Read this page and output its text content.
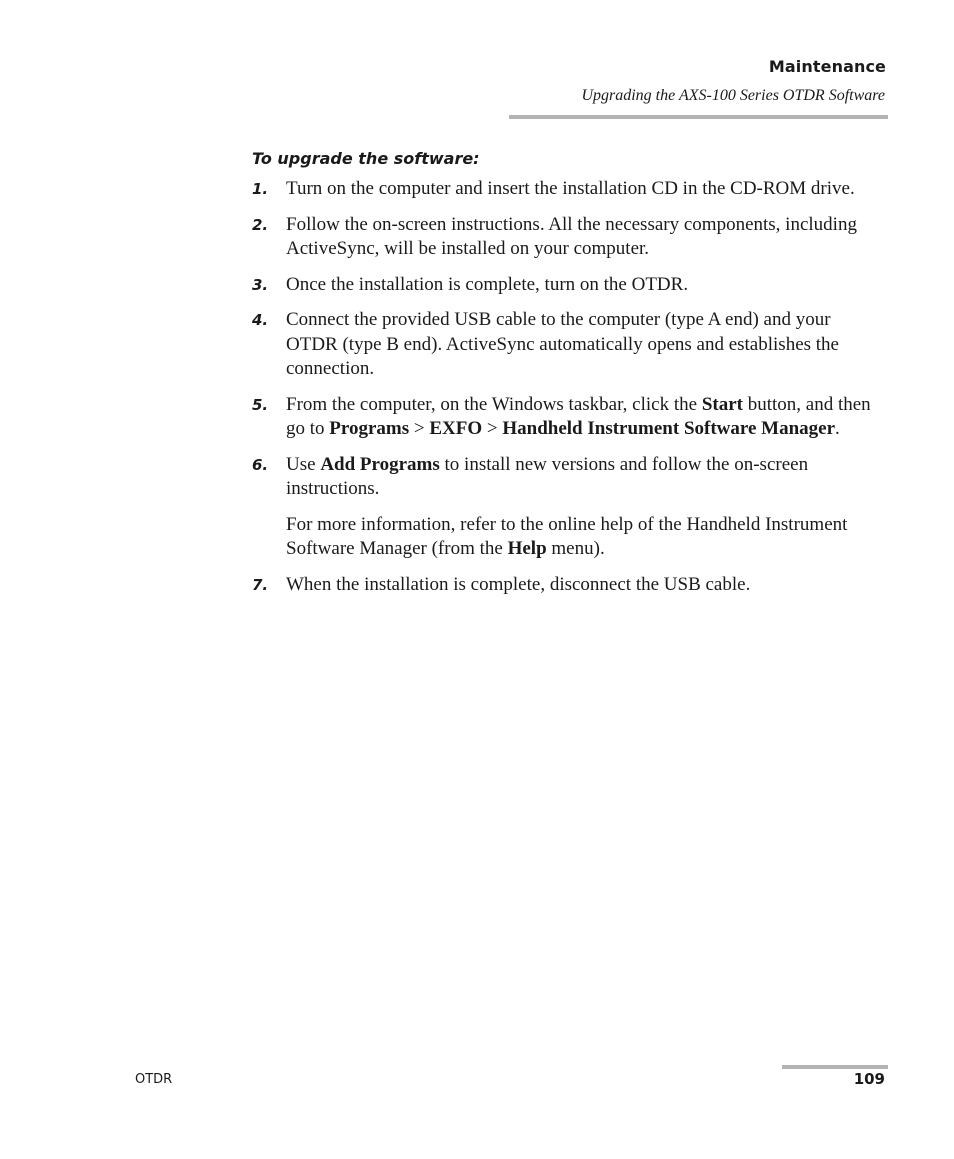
Maintenance
Upgrading the AXS-100 Series OTDR Software
To upgrade the software:
1. Turn on the computer and insert the installation CD in the CD-ROM drive.
2. Follow the on-screen instructions. All the necessary components, including ActiveSync, will be installed on your computer.
3. Once the installation is complete, turn on the OTDR.
4. Connect the provided USB cable to the computer (type A end) and your OTDR (type B end). ActiveSync automatically opens and establishes the connection.
5. From the computer, on the Windows taskbar, click the Start button, and then go to Programs > EXFO > Handheld Instrument Software Manager.
6. Use Add Programs to install new versions and follow the on-screen instructions.
For more information, refer to the online help of the Handheld Instrument Software Manager (from the Help menu).
7. When the installation is complete, disconnect the USB cable.
OTDR	109
